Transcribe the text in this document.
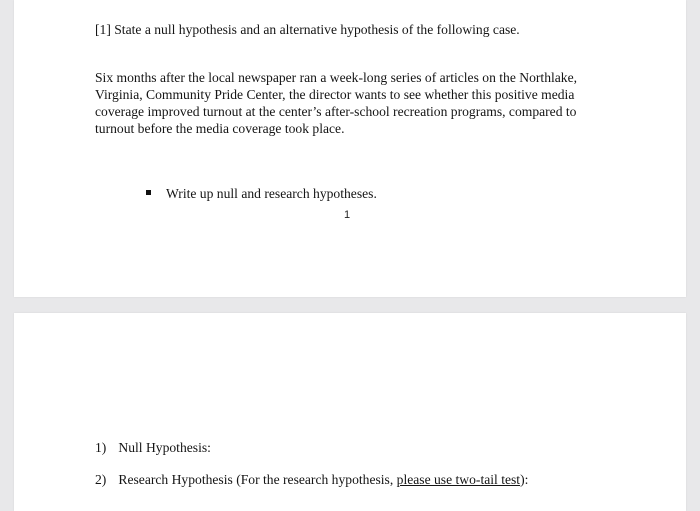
[1] State a null hypothesis and an alternative hypothesis of the following case.
Six months after the local newspaper ran a week-long series of articles on the Northlake,
Virginia, Community Pride Center, the director wants to see whether this positive media
coverage improved turnout at the center’s after-school recreation programs, compared to
turnout before the media coverage took place.
Write up null and research hypotheses.
1
1) Null Hypothesis:
2) Research Hypothesis (For the research hypothesis, please use two-tail test):
